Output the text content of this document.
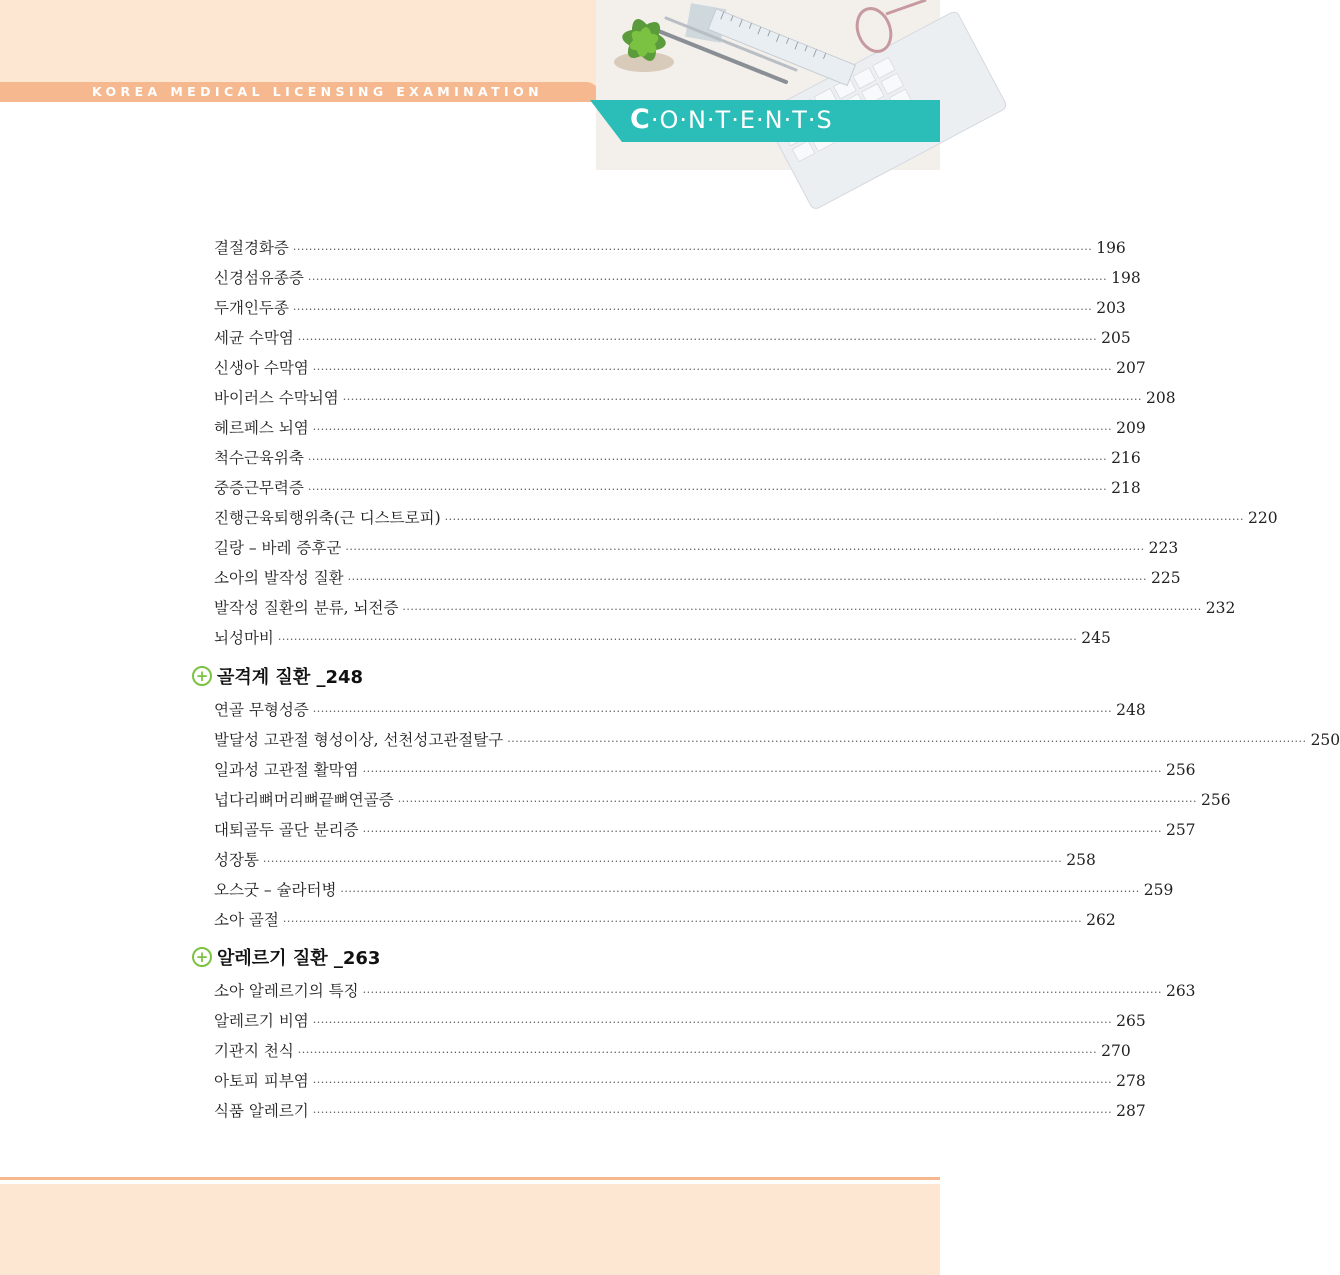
KOREA MEDICAL LICENSING EXAMINATION
C·O·N·T·E·N·T·S
결절경화증 ········································································································································································································ 196
신경섬유종증 ········································································································································································································ 198
두개인두종 ········································································································································································································ 203
세균 수막염 ········································································································································································································ 205
신생아 수막염 ········································································································································································································ 207
바이러스 수막뇌염 ········································································································································································································ 208
헤르페스 뇌염 ········································································································································································································ 209
척수근육위축 ········································································································································································································ 216
중증근무력증 ········································································································································································································ 218
진행근육퇴행위축(근 디스트로피) ········································································································································································································ 220
길랑 – 바레 증후군 ········································································································································································································ 223
소아의 발작성 질환 ········································································································································································································ 225
발작성 질환의 분류, 뇌전증 ········································································································································································································ 232
뇌성마비 ········································································································································································································ 245
+ 골격계 질환 _248
연골 무형성증 ········································································································································································································ 248
발달성 고관절 형성이상, 선천성고관절탈구 ········································································································································································································ 250
일과성 고관절 활막염 ········································································································································································································ 256
넙다리뼈머리뼈끝뼈연골증 ········································································································································································································ 256
대퇴골두 골단 분리증 ········································································································································································································ 257
성장통 ········································································································································································································ 258
오스굿 – 슐라터병 ········································································································································································································ 259
소아 골절 ········································································································································································································ 262
+ 알레르기 질환 _263
소아 알레르기의 특징 ········································································································································································································ 263
알레르기 비염 ········································································································································································································ 265
기관지 천식 ········································································································································································································ 270
아토피 피부염 ········································································································································································································ 278
식품 알레르기 ········································································································································································································ 287
